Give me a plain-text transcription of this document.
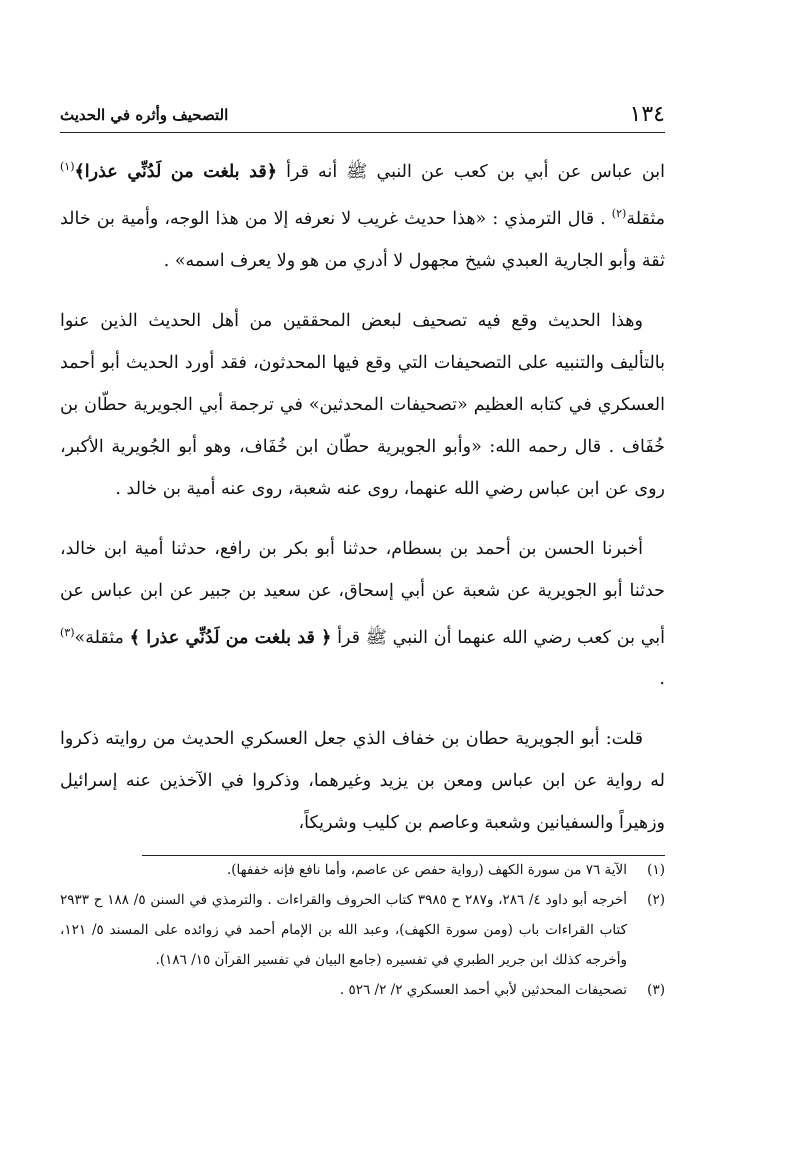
١٣٤
التصحيف وأثره في الحديث

ابن عباس عن أبي بن كعب عن النبي ﷺ أنه قرأ ﴿قد بلغت من لَدُنِّي عذرا﴾$^{(١)}$ مثقلة$^{(٢)}$ . قال الترمذي : «هذا حديث غريب لا نعرفه إلا من هذا الوجه، وأمية بن خالد ثقة وأبو الجارية العبدي شيخ مجهول لا أدري من هو ولا يعرف اسمه» .

وهذا الحديث وقع فيه تصحيف لبعض المحققين من أهل الحديث الذين عنوا بالتأليف والتنبيه على التصحيفات التي وقع فيها المحدثون، فقد أورد الحديث أبو أحمد العسكري في كتابه العظيم «تصحيفات المحدثين» في ترجمة أبي الجويرية حطّان بن خُفَاف . قال رحمه الله: «وأبو الجويرية حطّان ابن خُفَاف، وهو أبو الجُويرية الأكبر، روى عن ابن عباس رضي الله عنهما، روى عنه شعبة، روى عنه أمية بن خالد .

أخبرنا الحسن بن أحمد بن بسطام، حدثنا أبو بكر بن رافع، حدثنا أمية ابن خالد، حدثنا أبو الجويرية عن شعبة عن أبي إسحاق، عن سعيد بن جبير عن ابن عباس عن أبي بن كعب رضي الله عنهما أن النبي ﷺ قرأ ﴿ قد بلغت من لَدُنِّي عذرا ﴾ مثقلة»$^{(٣)}$ .

قلت: أبو الجويرية حطان بن خفاف الذي جعل العسكري الحديث من روايته ذكروا له رواية عن ابن عباس ومعن بن يزيد وغيرهما، وذكروا في الآخذين عنه إسرائيل وزهيراً والسفيانين وشعبة وعاصم بن كليب وشريكاً،

(١)
الآية ٧٦ من سورة الكهف (رواية حفص عن عاصم، وأما نافع فإنه خففها).
(٢)
أخرجه أبو داود ٤/ ٢٨٦، و٢٨٧ ح ٣٩٨٥ كتاب الحروف والقراءات . والترمذي في السنن ٥/ ١٨٨ ح ٢٩٣٣ كتاب القراءات باب (ومن سورة الكهف)، وعبد الله بن الإمام أحمد في زوائده على المسند ٥/ ١٢١، وأخرجه كذلك ابن جرير الطبري في تفسيره (جامع البيان في تفسير القرآن ١٥/ ١٨٦).
(٣)
تصحيفات المحدثين لأبي أحمد العسكري ٢/ ٢/ ٥٢٦ .
